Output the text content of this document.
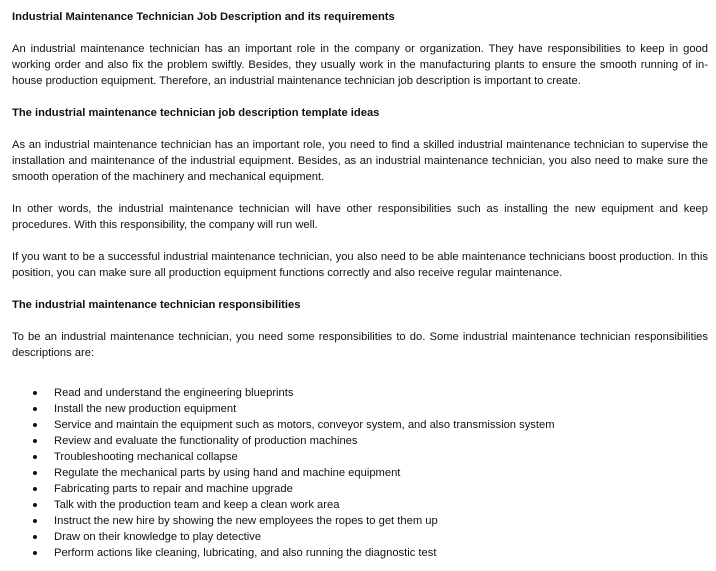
Industrial Maintenance Technician Job Description and its requirements

An industrial maintenance technician has an important role in the company or organization. They have responsibilities to keep in good working order and also fix the problem swiftly. Besides, they usually work in the manufacturing plants to ensure the smooth running of in-house production equipment. Therefore, an industrial maintenance technician job description is important to create.

The industrial maintenance technician job description template ideas

As an industrial maintenance technician has an important role, you need to find a skilled industrial maintenance technician to supervise the installation and maintenance of the industrial equipment. Besides, as an industrial maintenance technician, you also need to make sure the smooth operation of the machinery and mechanical equipment.

In other words, the industrial maintenance technician will have other responsibilities such as installing the new equipment and keep procedures. With this responsibility, the company will run well.

If you want to be a successful industrial maintenance technician, you also need to be able maintenance technicians boost production. In this position, you can make sure all production equipment functions correctly and also receive regular maintenance.

The industrial maintenance technician responsibilities

To be an industrial maintenance technician, you need some responsibilities to do. Some industrial maintenance technician responsibilities descriptions are:

Read and understand the engineering blueprints
Install the new production equipment
Service and maintain the equipment such as motors, conveyor system, and also transmission system
Review and evaluate the functionality of production machines
Troubleshooting mechanical collapse
Regulate the mechanical parts by using hand and machine equipment
Fabricating parts to repair and machine upgrade
Talk with the production team and keep a clean work area
Instruct the new hire by showing the new employees the ropes to get them up
Draw on their knowledge to play detective
Perform actions like cleaning, lubricating, and also running the diagnostic test
